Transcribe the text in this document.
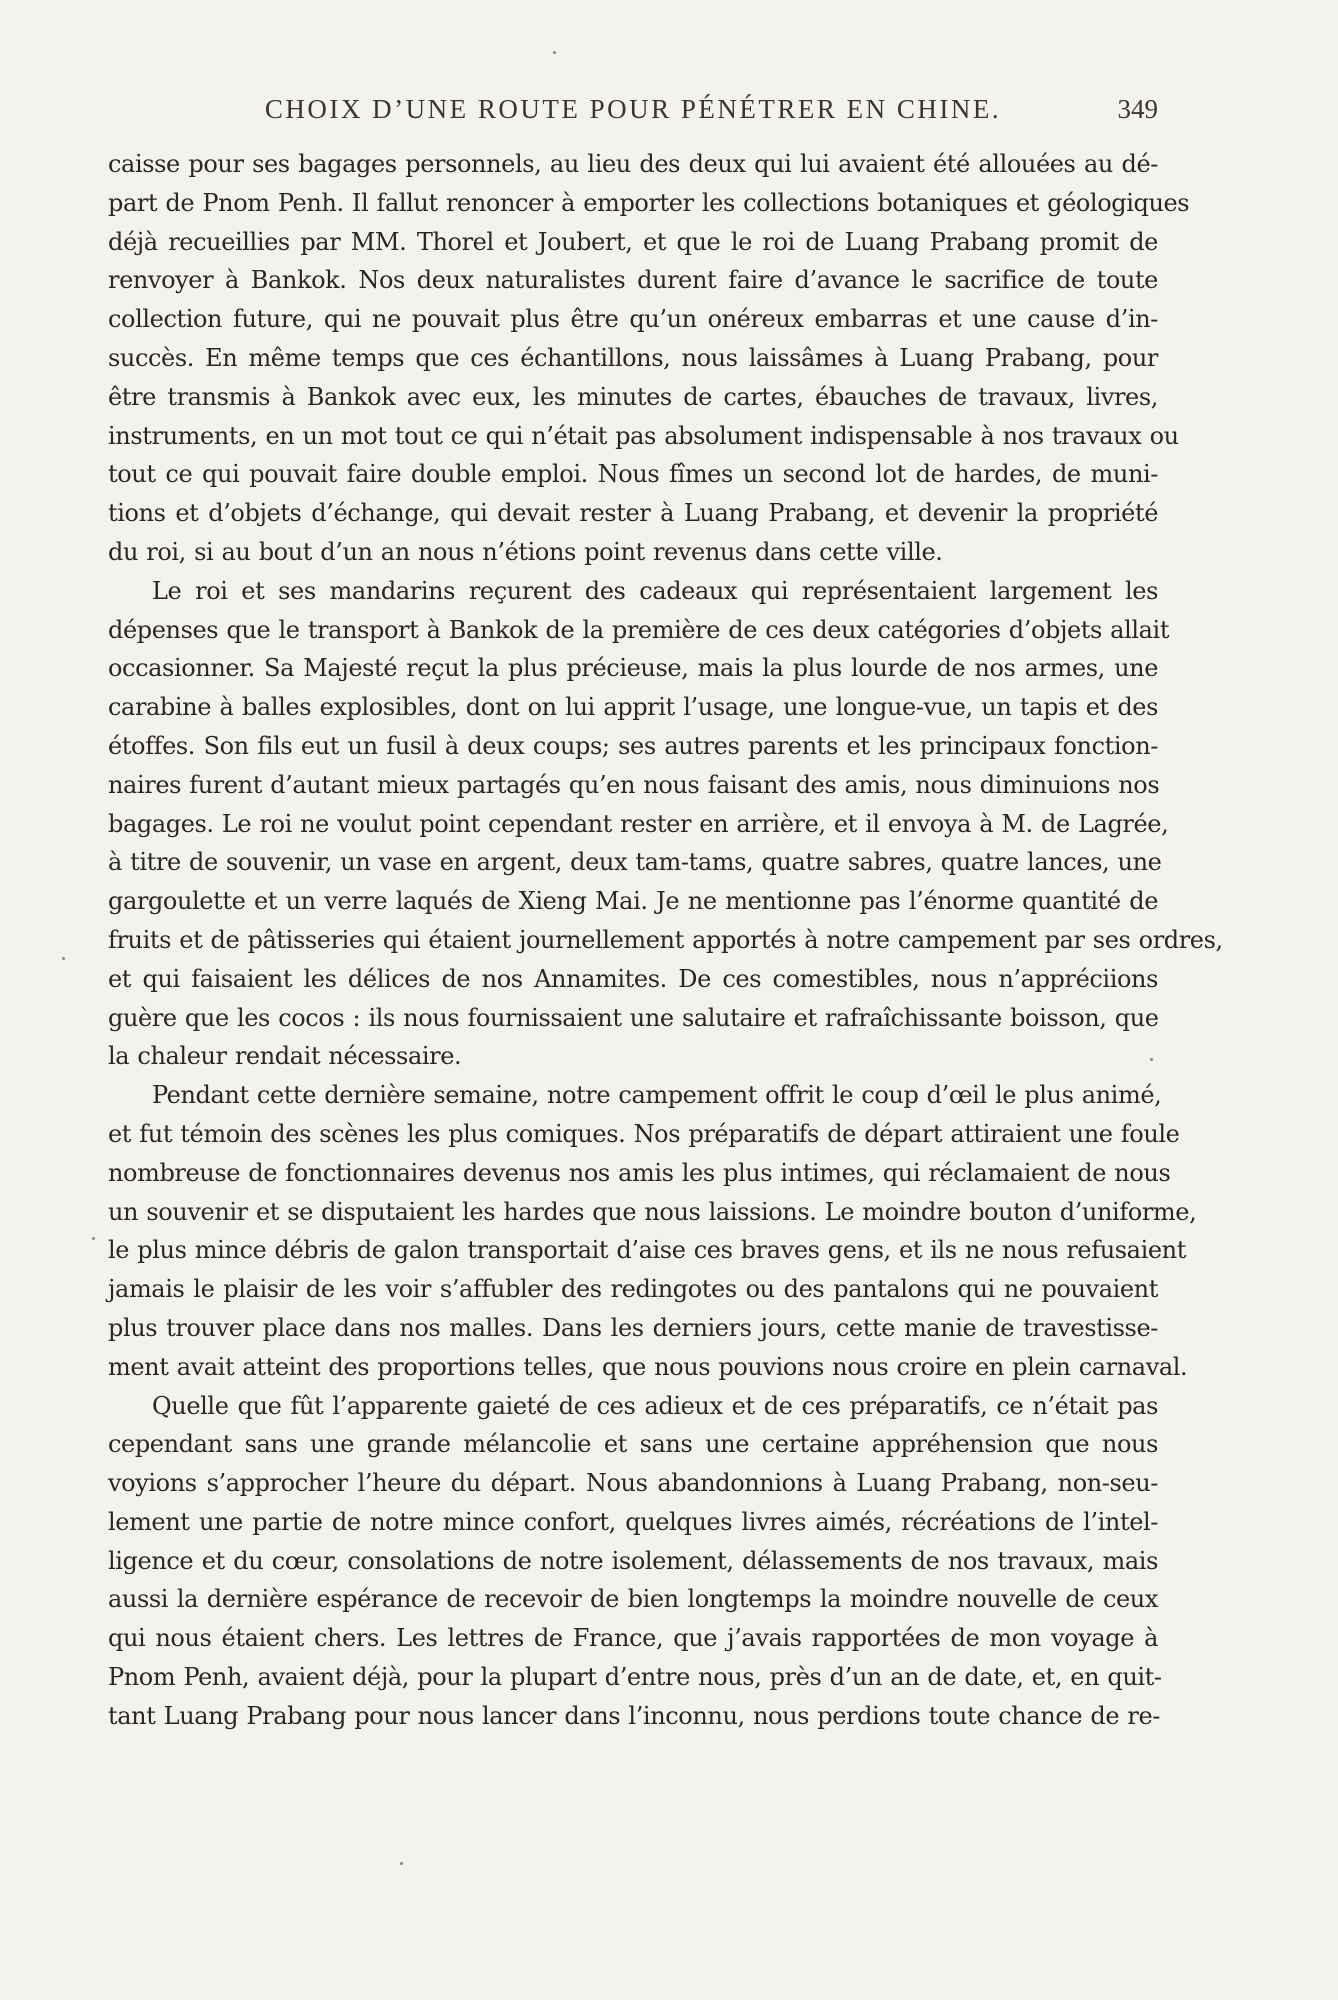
CHOIX D’UNE ROUTE POUR PÉNÉTRER EN CHINE.	349
caisse pour ses bagages personnels, au lieu des deux qui lui avaient été allouées au dé-
part de Pnom Penh. Il fallut renoncer à emporter les collections botaniques et géologiques
déjà recueillies par MM. Thorel et Joubert, et que le roi de Luang Prabang promit de
renvoyer à Bankok. Nos deux naturalistes durent faire d’avance le sacrifice de toute
collection future, qui ne pouvait plus être qu’un onéreux embarras et une cause d’in-
succès. En même temps que ces échantillons, nous laissâmes à Luang Prabang, pour
être transmis à Bankok avec eux, les minutes de cartes, ébauches de travaux, livres,
instruments, en un mot tout ce qui n’était pas absolument indispensable à nos travaux ou
tout ce qui pouvait faire double emploi. Nous fîmes un second lot de hardes, de muni-
tions et d’objets d’échange, qui devait rester à Luang Prabang, et devenir la propriété
du roi, si au bout d’un an nous n’étions point revenus dans cette ville.
Le roi et ses mandarins reçurent des cadeaux qui représentaient largement les
dépenses que le transport à Bankok de la première de ces deux catégories d’objets allait
occasionner. Sa Majesté reçut la plus précieuse, mais la plus lourde de nos armes, une
carabine à balles explosibles, dont on lui apprit l’usage, une longue-vue, un tapis et des
étoffes. Son fils eut un fusil à deux coups; ses autres parents et les principaux fonction-
naires furent d’autant mieux partagés qu’en nous faisant des amis, nous diminuions nos
bagages. Le roi ne voulut point cependant rester en arrière, et il envoya à M. de Lagrée,
à titre de souvenir, un vase en argent, deux tam-tams, quatre sabres, quatre lances, une
gargoulette et un verre laqués de Xieng Mai. Je ne mentionne pas l’énorme quantité de
fruits et de pâtisseries qui étaient journellement apportés à notre campement par ses ordres,
et qui faisaient les délices de nos Annamites. De ces comestibles, nous n’appréciions
guère que les cocos : ils nous fournissaient une salutaire et rafraîchissante boisson, que
la chaleur rendait nécessaire.
Pendant cette dernière semaine, notre campement offrit le coup d’œil le plus animé,
et fut témoin des scènes les plus comiques. Nos préparatifs de départ attiraient une foule
nombreuse de fonctionnaires devenus nos amis les plus intimes, qui réclamaient de nous
un souvenir et se disputaient les hardes que nous laissions. Le moindre bouton d’uniforme,
le plus mince débris de galon transportait d’aise ces braves gens, et ils ne nous refusaient
jamais le plaisir de les voir s’affubler des redingotes ou des pantalons qui ne pouvaient
plus trouver place dans nos malles. Dans les derniers jours, cette manie de travestisse-
ment avait atteint des proportions telles, que nous pouvions nous croire en plein carnaval.
Quelle que fût l’apparente gaieté de ces adieux et de ces préparatifs, ce n’était pas
cependant sans une grande mélancolie et sans une certaine appréhension que nous
voyions s’approcher l’heure du départ. Nous abandonnions à Luang Prabang, non-seu-
lement une partie de notre mince confort, quelques livres aimés, récréations de l’intel-
ligence et du cœur, consolations de notre isolement, délassements de nos travaux, mais
aussi la dernière espérance de recevoir de bien longtemps la moindre nouvelle de ceux
qui nous étaient chers. Les lettres de France, que j’avais rapportées de mon voyage à
Pnom Penh, avaient déjà, pour la plupart d’entre nous, près d’un an de date, et, en quit-
tant Luang Prabang pour nous lancer dans l’inconnu, nous perdions toute chance de re-
